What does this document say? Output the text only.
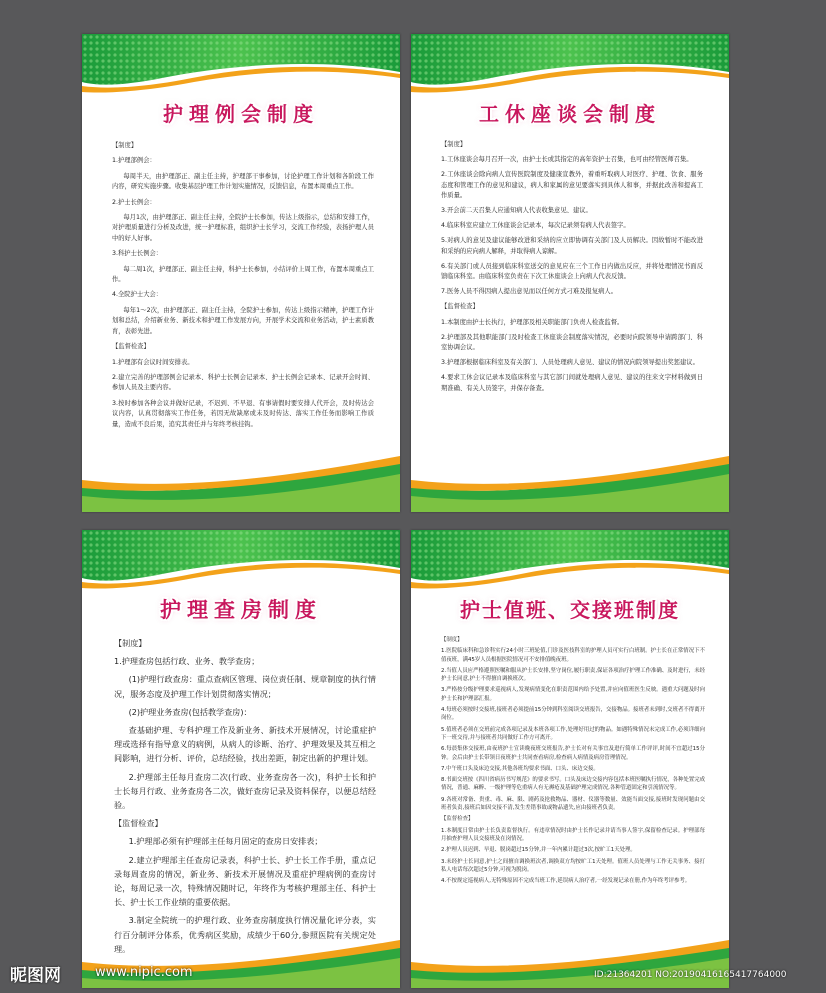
护理例会制度

【制度】

1.护理部例会：

每周半天，由护理部正、副主任主持，护理部干事参加，讨论护理工作计划和各阶段工作内容，研究实施步骤。收集基层护理工作计划实施情况，反馈信息，布置本周重点工作。

2.护士长例会：

每月1次，由护理部正、副主任主持，全院护士长参加，传达上级指示，总结和安排工作，对护理质量进行分析及改进，统一护理标准，组织护士长学习，交流工作经验，表扬护理人员中的好人好事。

3.科护士长例会：

每二周1次，护理部正、副主任主持，科护士长参加，小结评价上周工作，布置本周重点工作。

4.全院护士大会：

每年1～2次，由护理部正、副主任主持，全院护士参加，传达上级指示精神，护理工作计划和总结，介绍新业务、新技术和护理工作发展方向，开展学术交流和业务活动，护士素质教育，表彰先进。

【监督检查】

1.护理部有会议时间安排表。

2.建立完善的护理部例会记录本、科护士长例会记录本、护士长例会记录本、记录开会时间、参加人员及主要内容。

3.按时参加各种会议并做好记录，不迟到、不早退、有事请假时要安排人代开会，及时传达会议内容，认真贯彻落实工作任务，若因无故缺席或未及时传达、落实工作任务而影响工作质量，造成不良后果，追究其责任并与年终考核挂钩。

工休座谈会制度

【制度】

1.工休座谈会每月召开一次，由护士长或其指定的高年资护士召集，也可由经管医师召集。

2.工休座谈会除向病人宣传医院制度及健康宣教外，着重听取病人对医疗、护理、饮食、服务态度和管理工作的意见和建议，病人和家属的意见要落实到具体人和事，并据此改善和提高工作质量。

3.开会前二天召集人应通知病人代表收集意见、建议。

4.临床科室应建立工休座谈会记录本，每次记录须有病人代表签字。

5.对病人的意见及建议能够改进和采纳的应立即协调有关部门及人员解决。因故暂时不能改进和采纳的应向病人解释，并取得病人谅解。

6.有关部门或人员接到临床科室送交的意见应在三个工作日内做出反应，并将处理情况书面反馈临床科室。由临床科室负责在下次工休座谈会上向病人代表反馈。

7.医务人员不得因病人提出意见而以任何方式刁难及报复病人。

【监督检查】

1.本制度由护士长执行，护理部及相关职能部门负责人检查监督。

2.护理部及其他职能部门及时检查工休座谈会制度落实情况，必要时向院领导申请跨部门、科室协调会议。

3.护理部根据临床科室及有关部门、人员处理病人意见、建议的情况向院领导提出奖惩建议。

4.要求工休会议记录本及临床科室与其它部门间就处理病人意见、建议的往来文字材料做到日期准确、有关人员签字，并保存备查。

护理查房制度

【制度】

1.护理查房包括行政、业务、教学查房；

(1)护理行政查房：重点查病区管理、岗位责任制、规章制度的执行情况，服务态度及护理工作计划贯彻落实情况；

(2)护理业务查房(包括教学查房)：

查基础护理、专科护理工作及新业务、新技术开展情况，讨论重症护理或选择有指导意义的病例，从病人的诊断、治疗、护理效果及其互相之间影响，进行分析、评价，总结经验，找出差距，制定出新的护理计划。

2.护理部主任每月查房二次(行政、业务查房各一次)，科护士长和护士长每月行政、业务查房各二次，做好查房记录及资料保存，以便总结经验。

【监督检查】

1.护理部必须有护理部主任每月固定的查房日安排表；

2.建立护理部主任查房记录表，科护士长、护士长工作手册，重点记录每周查房的情况，新业务、新技术开展情况及重症护理病例的查房讨论，每周记录一次，特殊情况随时记，年终作为考核护理部主任、科护士长、护士长工作业绩的重要依据。

3.制定全院统一的护理行政、业务查房制度执行情况量化评分表，实行百分制评分体系，优秀病区奖励，成绩少于60分,参照医院有关规定处理。

护士值班、交接班制度

【制度】

1.医院临床科和急诊科实行24小时三班轮值,门诊及医技科室的护理人员可实行白班制。护士长在正常情况下不值夜班，满45岁人员根据医院情况可不安排值晚夜班。

2.当值人员应严格遵照医嘱和服从护士长安排,坚守岗位,履行职责,保证各项治疗护理工作准确、及时进行，未经护士长同意,护士不得擅自调换班次。

3.严格按分级护理要求巡视病人,发现病情变化在职责范围内给予处置,并应向值班医生反映。遇重大问题及时向护士长和护理部汇报。

4.每班必须按时交接班,接班者必须提前15分钟到科室阅读交班报告，交接物品。接班者未到时,交班者不得离开岗位。

5.值班者必须在交班前完成各项记录及本班各项工作,处理好用过的物品。如遇特殊情况未完成工作,必须详细向下一班交待,并与接班者共同做好工作方可离开。

6.每晨集体交接班,由夜班护士宣读晚夜班交班报告,护士长对有关事宜及进行简单工作评评,时间不宜超过15分钟。会后由护士长带领日夜班护士共同查看病房,检查病人病情及病房管理情况。

7.中午班口头及床边交接,其他各班均要求书面、口头、床边交接。

8.书面交班按《四川省病历书写规范》的要求书写。口头及床边交接内容包括本班医嘱执行情况，各种处置完成情况，普通、麻醉、一级护理等危重病人有无褥疮及基础护理完成情况,各种管道固定和引流情况等。

9.各班对常备、贵重、毒、麻、限、剧药及抢救物品、器材、仪器等数量、效能当面交接,接班时发现问题由交班者负责,接班后如因交接不清,发生差错事故或物品遗失,应由接班者负责。

【监督检查】

1.本制度日常由护士长负责监督执行。有违章情况时由护士长作记录并请当事人签字,保留检查记录。护理部每月抽查护理人员交接班及在岗情况。

2.护理人员迟到、早退、脱岗超过15分钟,并一年内累计超过3次,按旷工1天处理。

3.未经护士长同意,护士之间擅自调换班次者,调换双方均按旷工1天处理。值班人员处理与工作无关事务、接打私人电话每次超过5分钟,可视为脱岗。

4.不按规定巡视病人,无特殊原因不完成当班工作,延误病人治疗者,一经发现记录在册,作为年终考评参考。

昵图网	www.nipic.com	ID:21364201 NO:20190416165417764000
